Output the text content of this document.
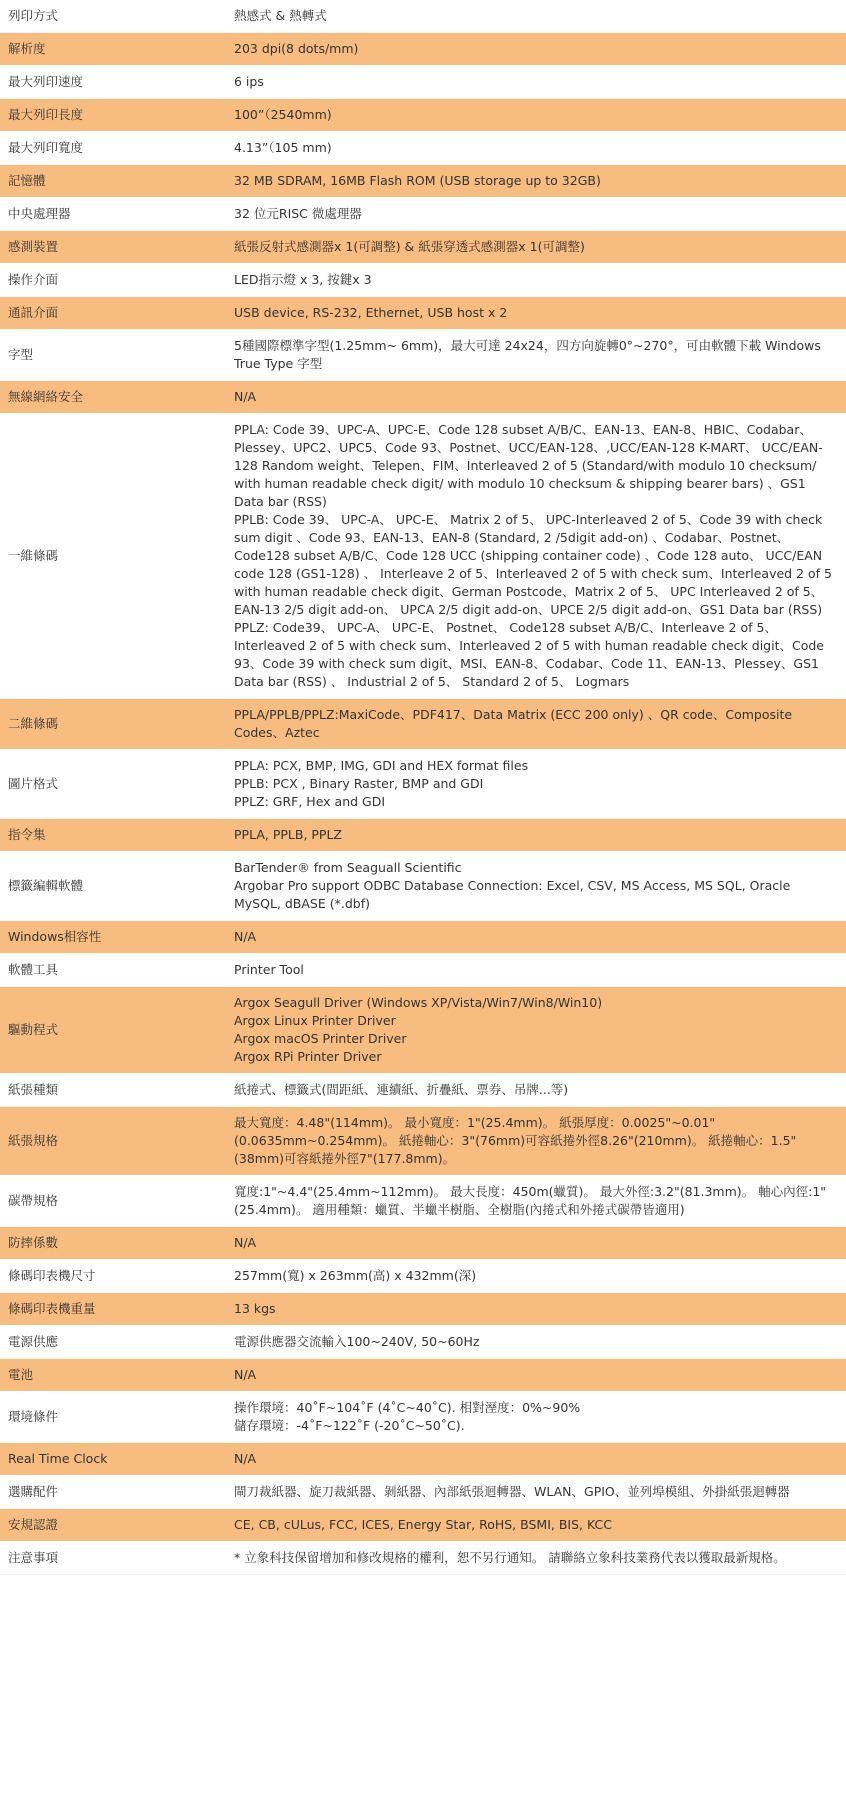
列印方式	熱感式 & 熱轉式

解析度	203 dpi(8 dots/mm)

最大列印速度	6 ips

最大列印長度	100”（2540mm)

最大列印寬度	4.13”（105 mm)

記憶體	32 MB SDRAM, 16MB Flash ROM (USB storage up to 32GB)

中央處理器	32 位元RISC 微處理器

感測裝置	紙張反射式感測器x 1(可調整) & 紙張穿透式感測器x 1(可調整)

操作介面	LED指示燈 x 3, 按鍵x 3

通訊介面	USB device, RS-232, Ethernet, USB host x 2

字型	5種國際標準字型(1.25mm~ 6mm)，最大可達 24x24，四方向旋轉0°~270°，可由軟體下載 Windows True Type 字型

無線網絡安全	N/A

一維條碼	PPLA: Code 39、UPC-A、UPC-E、Code 128 subset A/B/C、EAN-13、EAN-8、HBIC、Codabar、Plessey、UPC2、UPC5、Code 93、Postnet、UCC/EAN-128、,UCC/EAN-128 K-MART、 UCC/EAN-128 Random weight、Telepen、FIM、Interleaved 2 of 5 (Standard/with modulo 10 checksum/ with human readable check digit/ with modulo 10 checksum & shipping bearer bars) 、GS1 Data bar (RSS)
PPLB: Code 39、 UPC-A、 UPC-E、 Matrix 2 of 5、 UPC-Interleaved 2 of 5、Code 39 with check sum digit 、Code 93、EAN-13、EAN-8 (Standard, 2 /5digit add-on) 、Codabar、Postnet、Code128 subset A/B/C、Code 128 UCC (shipping container code) 、Code 128 auto、 UCC/EAN code 128 (GS1-128) 、 Interleave 2 of 5、Interleaved 2 of 5 with check sum、Interleaved 2 of 5 with human readable check digit、German Postcode、Matrix 2 of 5、 UPC Interleaved 2 of 5、 EAN-13 2/5 digit add-on、 UPCA 2/5 digit add-on、UPCE 2/5 digit add-on、GS1 Data bar (RSS)
PPLZ: Code39、 UPC-A、 UPC-E、 Postnet、 Code128 subset A/B/C、Interleave 2 of 5、Interleaved 2 of 5 with check sum、Interleaved 2 of 5 with human readable check digit、Code 93、Code 39 with check sum digit、MSI、EAN-8、Codabar、Code 11、EAN-13、Plessey、GS1 Data bar (RSS) 、 Industrial 2 of 5、 Standard 2 of 5、 Logmars

二維條碼	PPLA/PPLB/PPLZ:MaxiCode、PDF417、Data Matrix (ECC 200 only) 、QR code、Composite Codes、Aztec

圖片格式	PPLA: PCX, BMP, IMG, GDI and HEX format files
PPLB: PCX , Binary Raster, BMP and GDI
PPLZ: GRF, Hex and GDI

指令集	PPLA, PPLB, PPLZ

標籤編輯軟體	BarTender® from Seaguall Scientific
Argobar Pro support ODBC Database Connection: Excel, CSV, MS Access, MS SQL, Oracle MySQL, dBASE (*.dbf)

Windows相容性	N/A

軟體工具	Printer Tool

驅動程式	Argox Seagull Driver (Windows XP/Vista/Win7/Win8/Win10)
Argox Linux Printer Driver
Argox macOS Printer Driver
Argox RPi Printer Driver

紙張種類	紙捲式、標籤式(間距紙、連續紙、折疊紙、票券、吊牌...等)

紙張規格	最大寬度：4.48"(114mm)。 最小寬度：1"(25.4mm)。 紙張厚度：0.0025"~0.01"(0.0635mm~0.254mm)。 紙捲軸心：3"(76mm)可容紙捲外徑8.26"(210mm)。 紙捲軸心：1.5"(38mm)可容紙捲外徑7"(177.8mm)。

碳帶規格	寬度:1"~4.4"(25.4mm~112mm)。 最大長度：450m(蠟質)。 最大外徑:3.2"(81.3mm)。 軸心內徑:1"(25.4mm)。 適用種類：蠟質、半蠟半樹脂、全樹脂(內捲式和外捲式碳帶皆適用)

防摔係數	N/A

條碼印表機尺寸	257mm(寬) x 263mm(高) x 432mm(深)

條碼印表機重量	13 kgs

電源供應	電源供應器交流輸入100~240V, 50~60Hz

電池	N/A

環境條件	操作環境：40˚F~104˚F (4˚C~40˚C). 相對溼度：0%~90%
儲存環境：-4˚F~122˚F (-20˚C~50˚C).

Real Time Clock	N/A

選購配件	閘刀裁紙器、旋刀裁紙器、剝紙器、內部紙張迴轉器、WLAN、GPIO、並列埠模組、外掛紙張迴轉器

安規認證	CE, CB, cULus, FCC, ICES, Energy Star, RoHS, BSMI, BIS, KCC

注意事項	* 立象科技保留增加和修改規格的權利，恕不另行通知。 請聯絡立象科技業務代表以獲取最新規格。
